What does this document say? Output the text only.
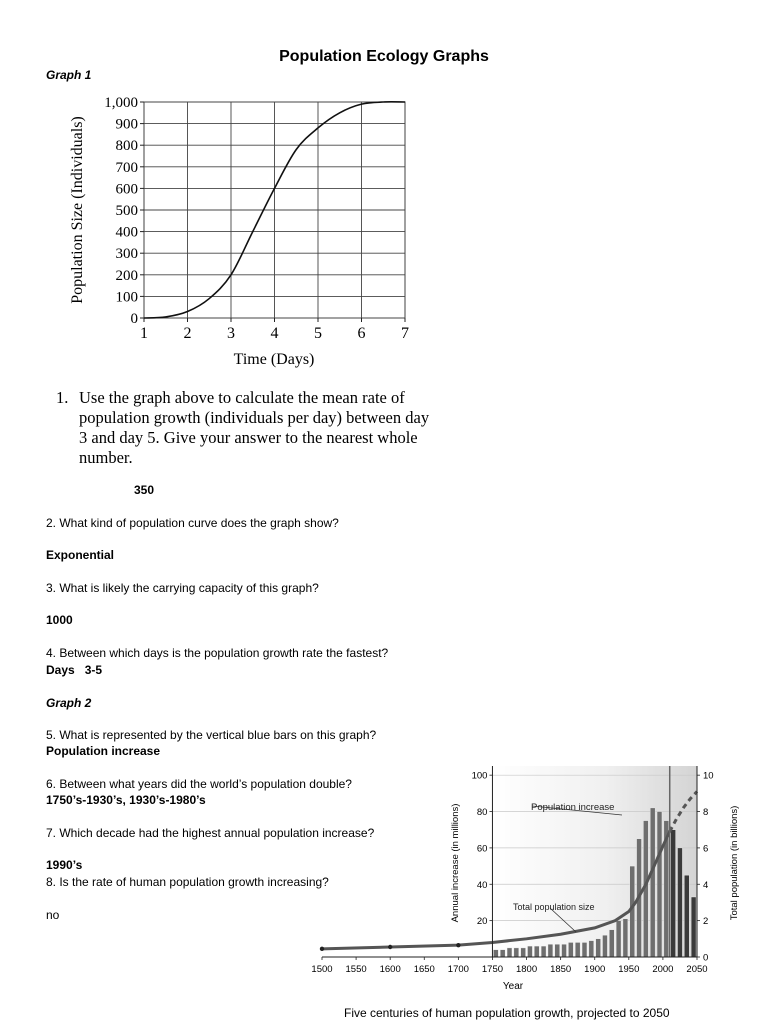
Population Ecology Graphs
Graph 1
1 2 3 4 5 6 7
0
100
200
300
400
500
600
700
800
900
1,000
Time (Days)
Population Size (Individuals)
1. Use the graph above to calculate the mean rate of population growth (individuals per day) between day 3 and day 5. Give your answer to the nearest whole number.
350
2. What kind of population curve does the graph show?
Exponential
3. What is likely the carrying capacity of this graph?
1000
4. Between which days is the population growth rate the fastest?
Days   3-5
Graph 2
5. What is represented by the vertical blue bars on this graph?
Population increase
6. Between what years did the world’s population double?
1750’s-1930’s, 1930’s-1980’s
7. Which decade had the highest annual population increase?
1990’s
8. Is the rate of human population growth increasing?
no
1500 1550 1600 1650 1700 1750 1800 1850 1900 1950 2000 2050
20
40
60
80
100
0
2
4
6
8
10
Population increase
Total population size
Year
Annual increase (in millions)	Total population (in billions)
Five centuries of human population growth, projected to 2050
